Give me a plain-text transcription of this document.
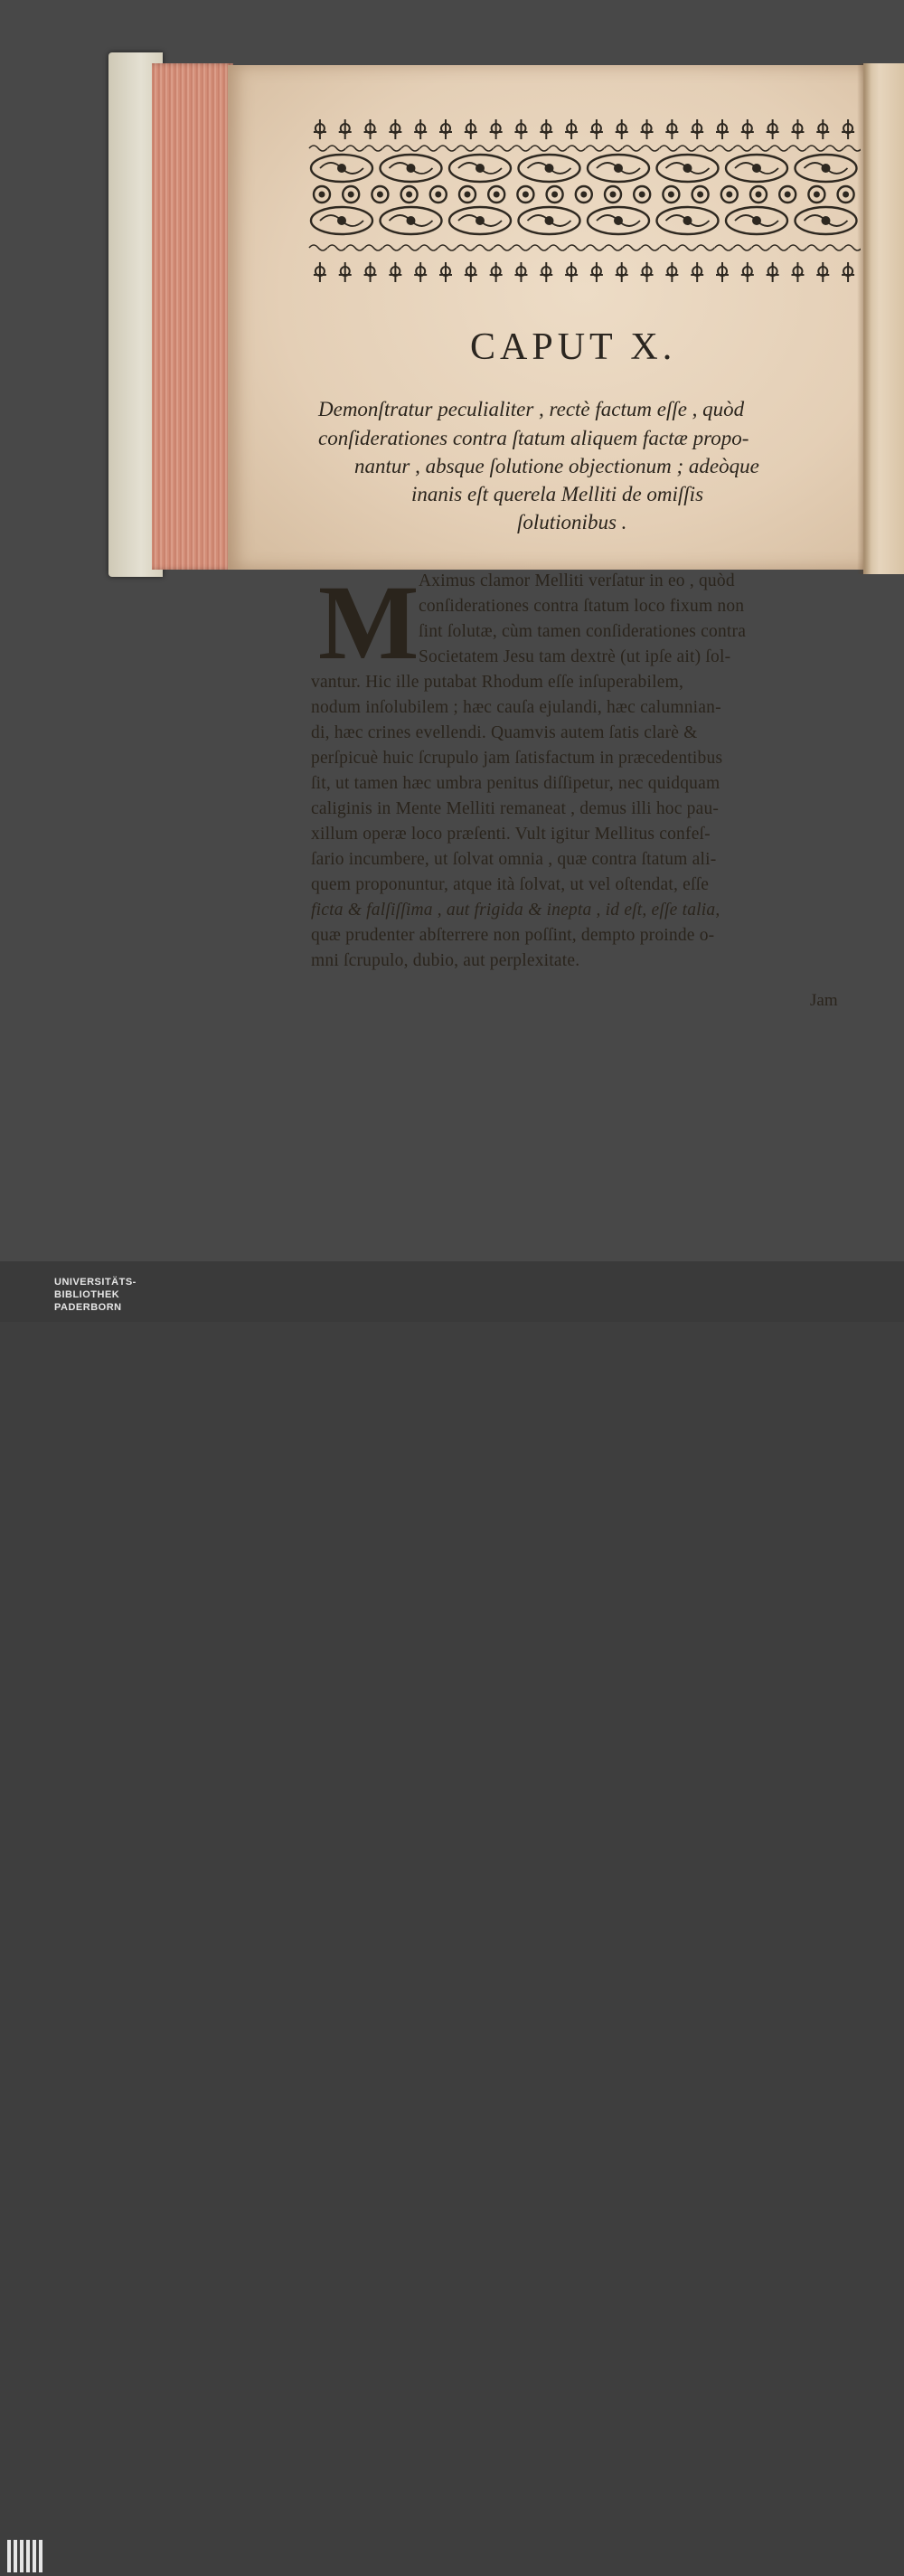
CAPUT X.
Demonſtratur peculialiter , rectè factum eſſe , quòd
conſiderationes contra ſtatum aliquem factæ propo-
nantur , absque ſolutione objectionum ; adeòque
inanis eſt querela Melliti de omiſſis
ſolutionibus .
M Aximus clamor Melliti verſatur in eo , quòd
conſiderationes contra ſtatum loco fixum non
ſint ſolutæ, cùm tamen conſiderationes contra
Societatem Jesu tam dextrè (ut ipſe ait) ſol-
vantur. Hic ille putabat Rhodum eſſe inſuperabilem,
nodum inſolubilem ; hæc cauſa ejulandi, hæc calumnian-
di, hæc crines evellendi. Quamvis autem ſatis clarè &
perſpicuè huic ſcrupulo jam ſatisfactum in præcedentibus
ſit, ut tamen hæc umbra penitus diſſipetur, nec quidquam
caliginis in Mente Melliti remaneat , demus illi hoc pau-
xillum operæ loco præſenti. Vult igitur Mellitus confeſ-
ſario incumbere, ut ſolvat omnia , quæ contra ſtatum ali-
quem proponuntur, atque ità ſolvat, ut vel oſtendat, eſſe
ficta & falſiſſima , aut frigida & inepta , id eſt, eſſe talia,
quæ prudenter abſterrere non poſſint, dempto proinde o-
mni ſcrupulo, dubio, aut perplexitate.
Jam
UNIVERSITÄTS-
BIBLIOTHEK
PADERBORN
